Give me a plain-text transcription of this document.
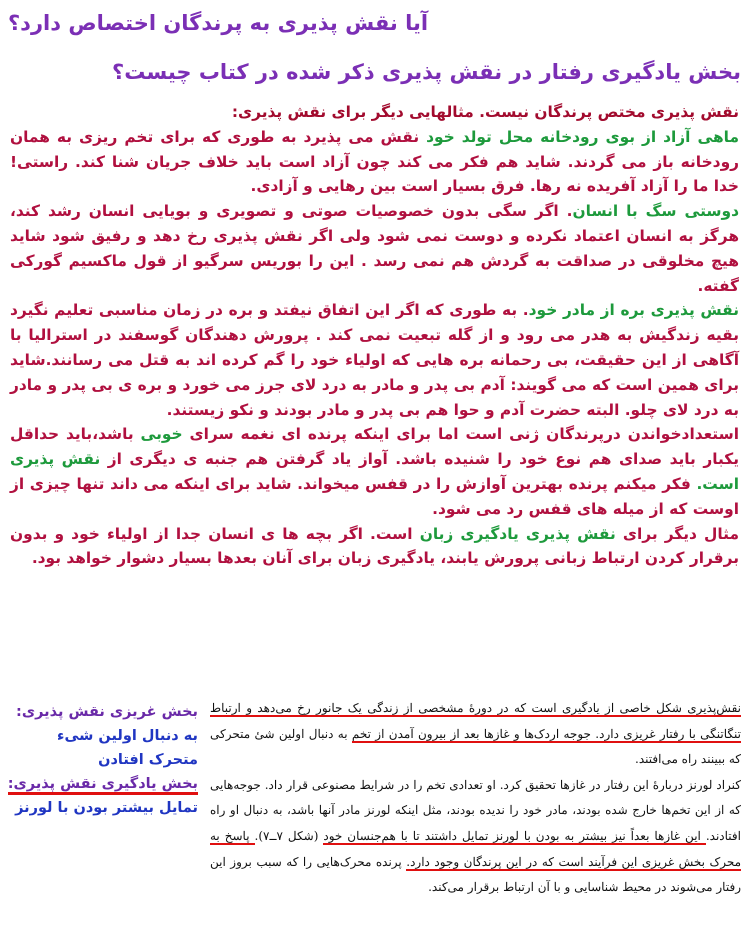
آیا نقش پذیری به پرندگان اختصاص دارد؟
بخش یادگیری رفتار در نقش پذیری ذکر شده در کتاب چیست؟

نقش پذیری مختص پرندگان نیست. مثالهایی دیگر برای نقش پذیری:
ماهی آزاد از بوی رودخانه محل تولد خود نقش می پذیرد به طوری که برای تخم ریزی به همان رودخانه باز می گردند. شاید هم فکر می کند چون آزاد است باید خلاف جریان شنا کند. راستی! خدا ما را آزاد آفریده نه رها. فرق بسیار است بین رهایی و آزادی.

دوستی سگ با انسان. اگر سگی بدون خصوصیات صوتی و تصویری و بویایی انسان رشد کند، هرگز به انسان اعتماد نکرده و دوست نمی شود ولی اگر نقش پذیری رخ دهد و رفیق شود شاید هیچ مخلوقی در صداقت به گردش هم نمی رسد . این را بوریس سرگیو از قول ماکسیم گورکی گفته.

نقش پذیری بره از مادر خود. به طوری که اگر این اتفاق نیفتد و بره در زمان مناسبی تعلیم نگیرد بقیه زندگیش به هدر می رود و از گله تبعیت نمی کند . پرورش دهندگان گوسفند در استرالیا با آگاهی از این حقیقت، بی رحمانه بره هایی که اولیاء خود را گم کرده اند به قتل می رسانند.شاید برای همین است که می گویند: آدم بی پدر و مادر به درد لای جرز می خورد و بره ی بی پدر و مادر به درد لای چلو. البته حضرت آدم و حوا هم بی پدر و مادر بودند و نکو زیستند.

استعدادخواندن درپرندگان ژنی است اما برای اینکه پرنده ای نغمه سرای خوبی باشد،باید حداقل یکبار باید صدای هم نوع خود را شنیده باشد. آواز یاد گرفتن هم جنبه ی دیگری از نقش پذیری است. فکر میکنم پرنده بهترین آوازش را در قفس میخواند. شاید برای اینکه می داند تنها چیزی از اوست که از میله های قفس رد می شود.

مثال دیگر برای نقش پذیری یادگیری زبان است. اگر بچه ها ی انسان جدا از اولیاء خود و بدون برقرار کردن ارتباط زبانی پرورش یابند، یادگیری زبان برای آنان بعدها بسیار دشوار خواهد بود.

بخش غریزی نقش پذیری:
به دنبال اولین شیء متحرک افتادن
بخش یادگیری نقش پذیری:
تمایل بیشتر بودن با لورنز
نقش‌پذیری شکل خاصی از یادگیری است که در دورهٔ مشخصی از زندگی یک جانور رخ می‌دهد و ارتباط تنگاتنگی با رفتار غریزی دارد. جوجه اردک‌ها و غازها بعد از بیرون آمدن از تخم به دنبال اولین شئ متحرکی که ببینند راه می‌افتند.
کنراد لورنز دربارهٔ این رفتار در غازها تحقیق کرد. او تعدادی تخم را در شرایط مصنوعی قرار داد. جوجه‌هایی که از این تخم‌ها خارج شده بودند، مادر خود را ندیده بودند، مثل اینکه لورنز مادر آنها باشد، به دنبال او راه افتادند. این غازها بعداً نیز بیشتر به بودن با لورنز تمایل داشتند تا با هم‌جنسان خود (شکل ۷ــ۷). پاسخ به محرک بخش غریزی این فرآیند است که در این پرندگان وجود دارد. پرنده محرک‌هایی را که سبب بروز این رفتار می‌شوند در محیط شناسایی و با آن ارتباط برقرار می‌کند.
